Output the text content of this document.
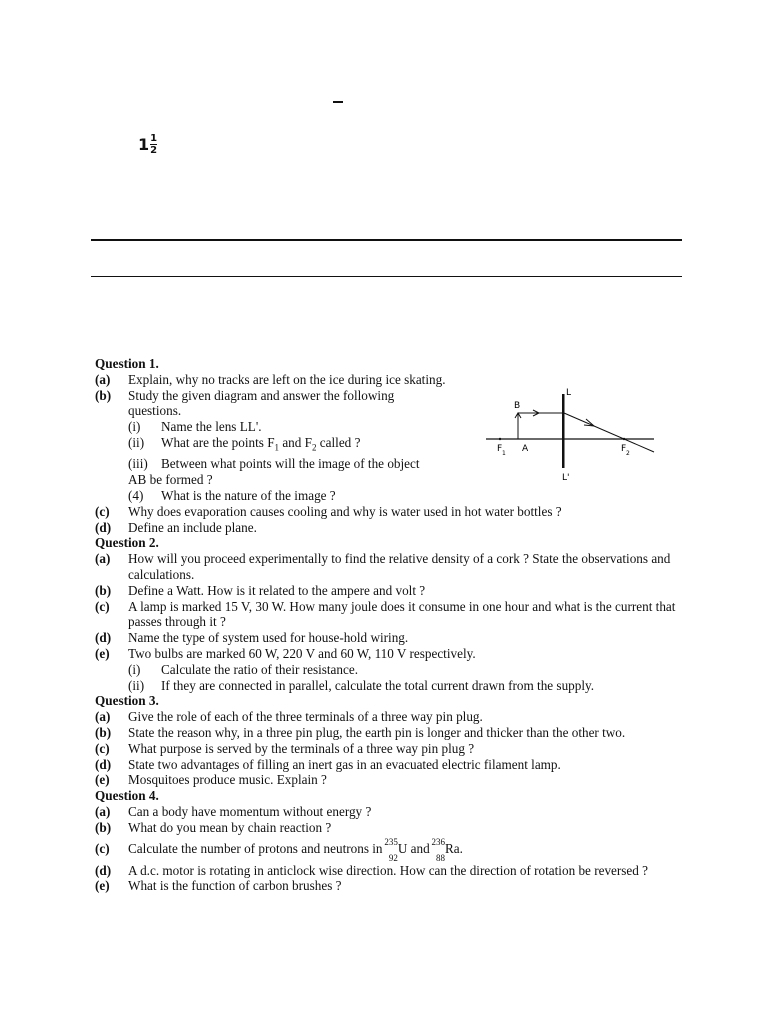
$1 \frac{1}{2}$
L
L'
B
A
F 1	F 2
Question 1.
(a) Explain, why no tracks are left on the ice during ice skating.
(b) Study the given diagram and answer the following
questions.
(i) Name the lens LL'.
(ii) What are the points $F_1$ and $F_2$ called ?
(iii) Between what points will the image of the object
AB be formed ?
(4) What is the nature of the image ?
(c) Why does evaporation causes cooling and why is water used in hot water bottles ?
(d) Define an include plane.
Question 2.
(a) How will you proceed experimentally to find the relative density of a cork ? State the observations and calculations.
(b) Define a Watt. How is it related to the ampere and volt ?
(c) A lamp is marked 15 V, 30 W. How many joule does it consume in one hour and what is the current that passes through it ?
(d) Name the type of system used for house-hold wiring.
(e) Two bulbs are marked 60 W, 220 V and 60 W, 110 V respectively.
(i) Calculate the ratio of their resistance.
(ii) If they are connected in parallel, calculate the total current drawn from the supply.
Question 3.
(a) Give the role of each of the three terminals of a three way pin plug.
(b) State the reason why, in a three pin plug, the earth pin is longer and thicker than the other two.
(c) What purpose is served by the terminals of a three way pin plug ?
(d) State two advantages of filling an inert gas in an evacuated electric filament lamp.
(e) Mosquitoes produce music. Explain ?
Question 4.
(a) Can a body have momentum without energy ?
(b) What do you mean by chain reaction ?
(c) Calculate the number of protons and neutrons in
235
92
U and
236
88
Ra.
(d) A d.c. motor is rotating in anticlock wise direction. How can the direction of rotation be reversed ?
(e) What is the function of carbon brushes ?
